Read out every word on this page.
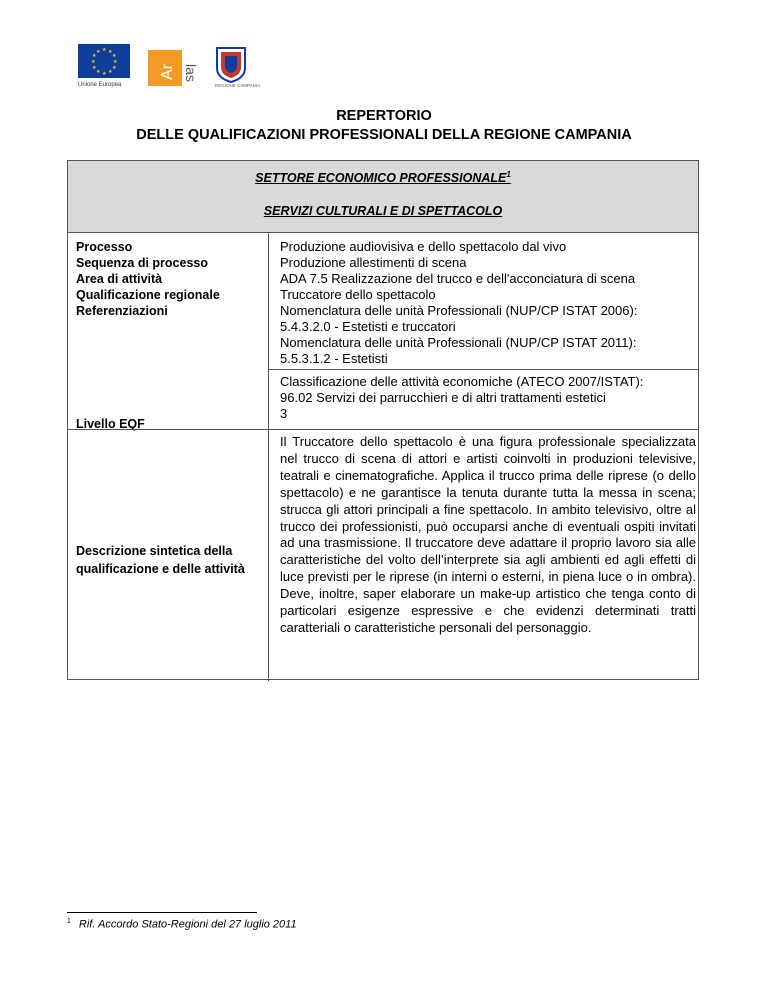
★ ★
★
★
★
★
★
★
★
★
★
★
Unione Europea
Ar las
REGIONE CAMPANIA
REPERTORIO
DELLE QUALIFICAZIONI PROFESSIONALI DELLA REGIONE CAMPANIA
SETTORE ECONOMICO PROFESSIONALE$^1$
SERVIZI CULTURALI E DI SPETTACOLO
Processo
Sequenza di processo
Area di attività
Qualificazione regionale
Referenziazioni
Produzione audiovisiva e dello spettacolo dal vivo
Produzione allestimenti di scena
ADA 7.5 Realizzazione del trucco e dell'acconciatura di scena
Truccatore dello spettacolo
Nomenclatura delle unità Professionali (NUP/CP ISTAT 2006):
5.4.3.2.0 - Estetisti e truccatori
Nomenclatura delle unità Professionali (NUP/CP ISTAT 2011):
5.5.3.1.2 - Estetisti
Classificazione delle attività economiche (ATECO 2007/ISTAT):
96.02 Servizi dei parrucchieri e di altri trattamenti estetici
3
Livello EQF
Descrizione sintetica della qualificazione e delle attività
Il Truccatore dello spettacolo è una figura professionale specializzata nel trucco di scena di attori e artisti coinvolti in produzioni televisive, teatrali e cinematografiche. Applica il trucco prima delle riprese (o dello spettacolo) e ne garantisce la tenuta durante tutta la messa in scena; strucca gli attori principali a fine spettacolo. In ambito televisivo, oltre al trucco dei professionisti, può occuparsi anche di eventuali ospiti invitati ad una trasmissione. Il truccatore deve adattare il proprio lavoro sia alle caratteristiche del volto dell’interprete sia agli ambienti ed agli effetti di luce previsti per le riprese (in interni o esterni, in piena luce o in ombra). Deve, inoltre, saper elaborare un make-up artistico che tenga conto di particolari esigenze espressive e che evidenzi determinati tratti caratteriali o caratteristiche personali del personaggio.
$^1$ Rif. Accordo Stato-Regioni del 27 luglio 2011
